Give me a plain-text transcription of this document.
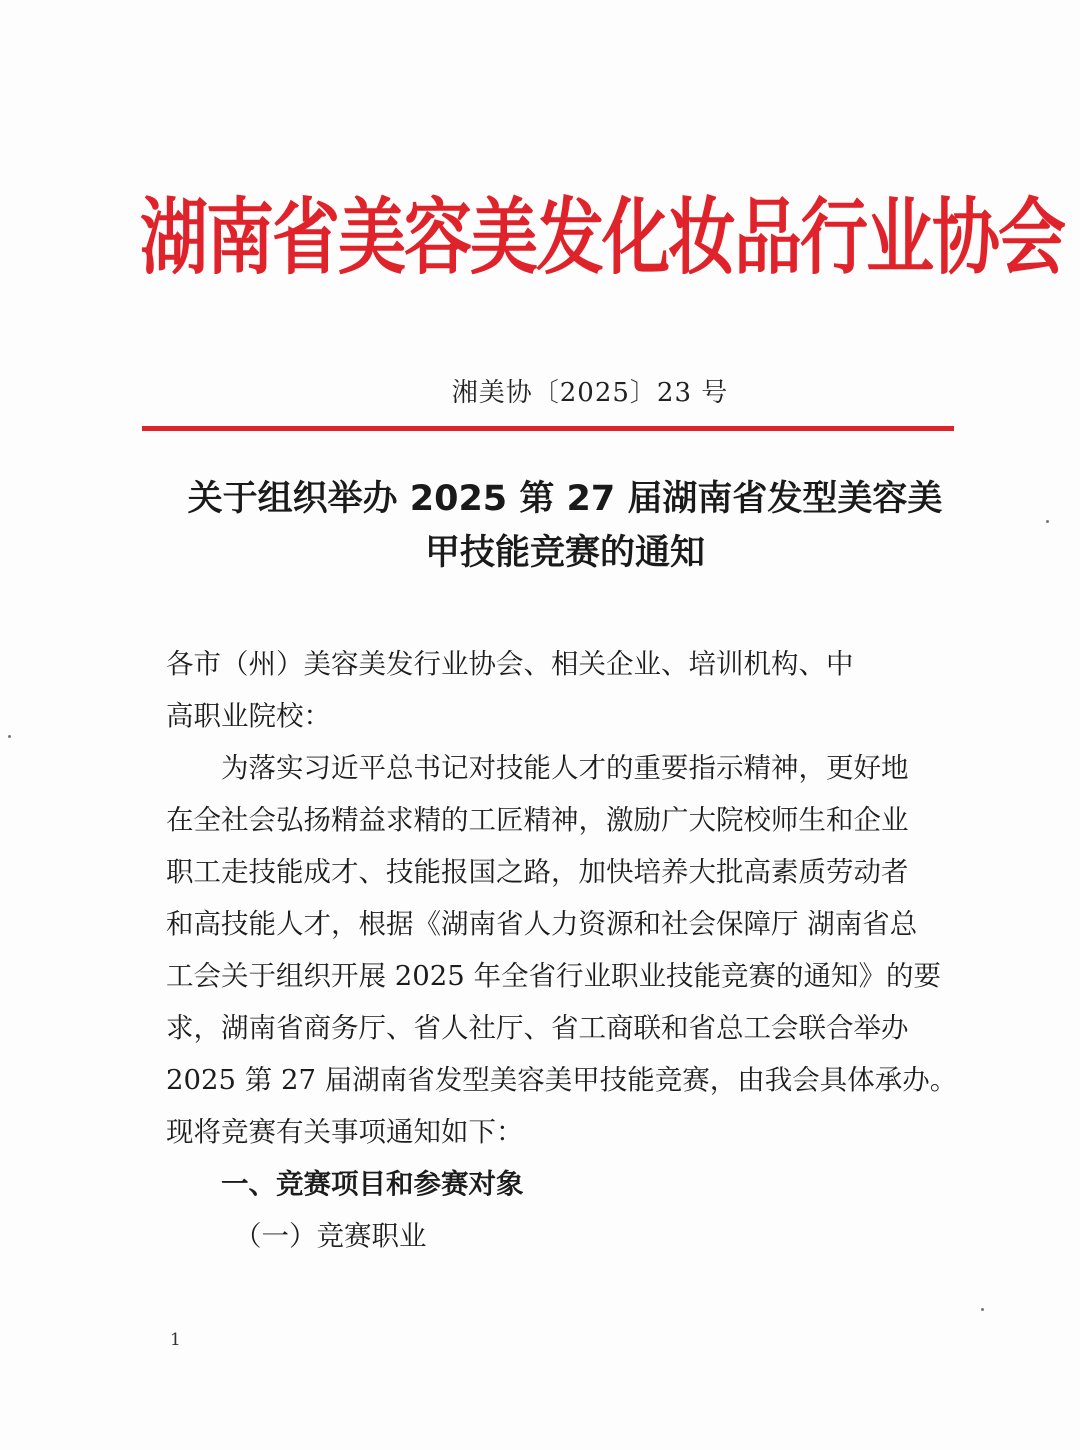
湖南省美容美发化妆品行业协会
湘美协〔2025〕23 号
关于组织举办 2025 第 27 届湖南省发型美容美
甲技能竞赛的通知
各市（州）美容美发行业协会、相关企业、培训机构、中
高职业院校：
为落实习近平总书记对技能人才的重要指示精神，更好地
在全社会弘扬精益求精的工匠精神，激励广大院校师生和企业
职工走技能成才、技能报国之路，加快培养大批高素质劳动者
和高技能人才，根据《湖南省人力资源和社会保障厅 湖南省总
工会关于组织开展 2025 年全省行业职业技能竞赛的通知》的要
求，湖南省商务厅、省人社厅、省工商联和省总工会联合举办
2025 第 27 届湖南省发型美容美甲技能竞赛，由我会具体承办。
现将竞赛有关事项通知如下：
一、竞赛项目和参赛对象
（一）竞赛职业
1
